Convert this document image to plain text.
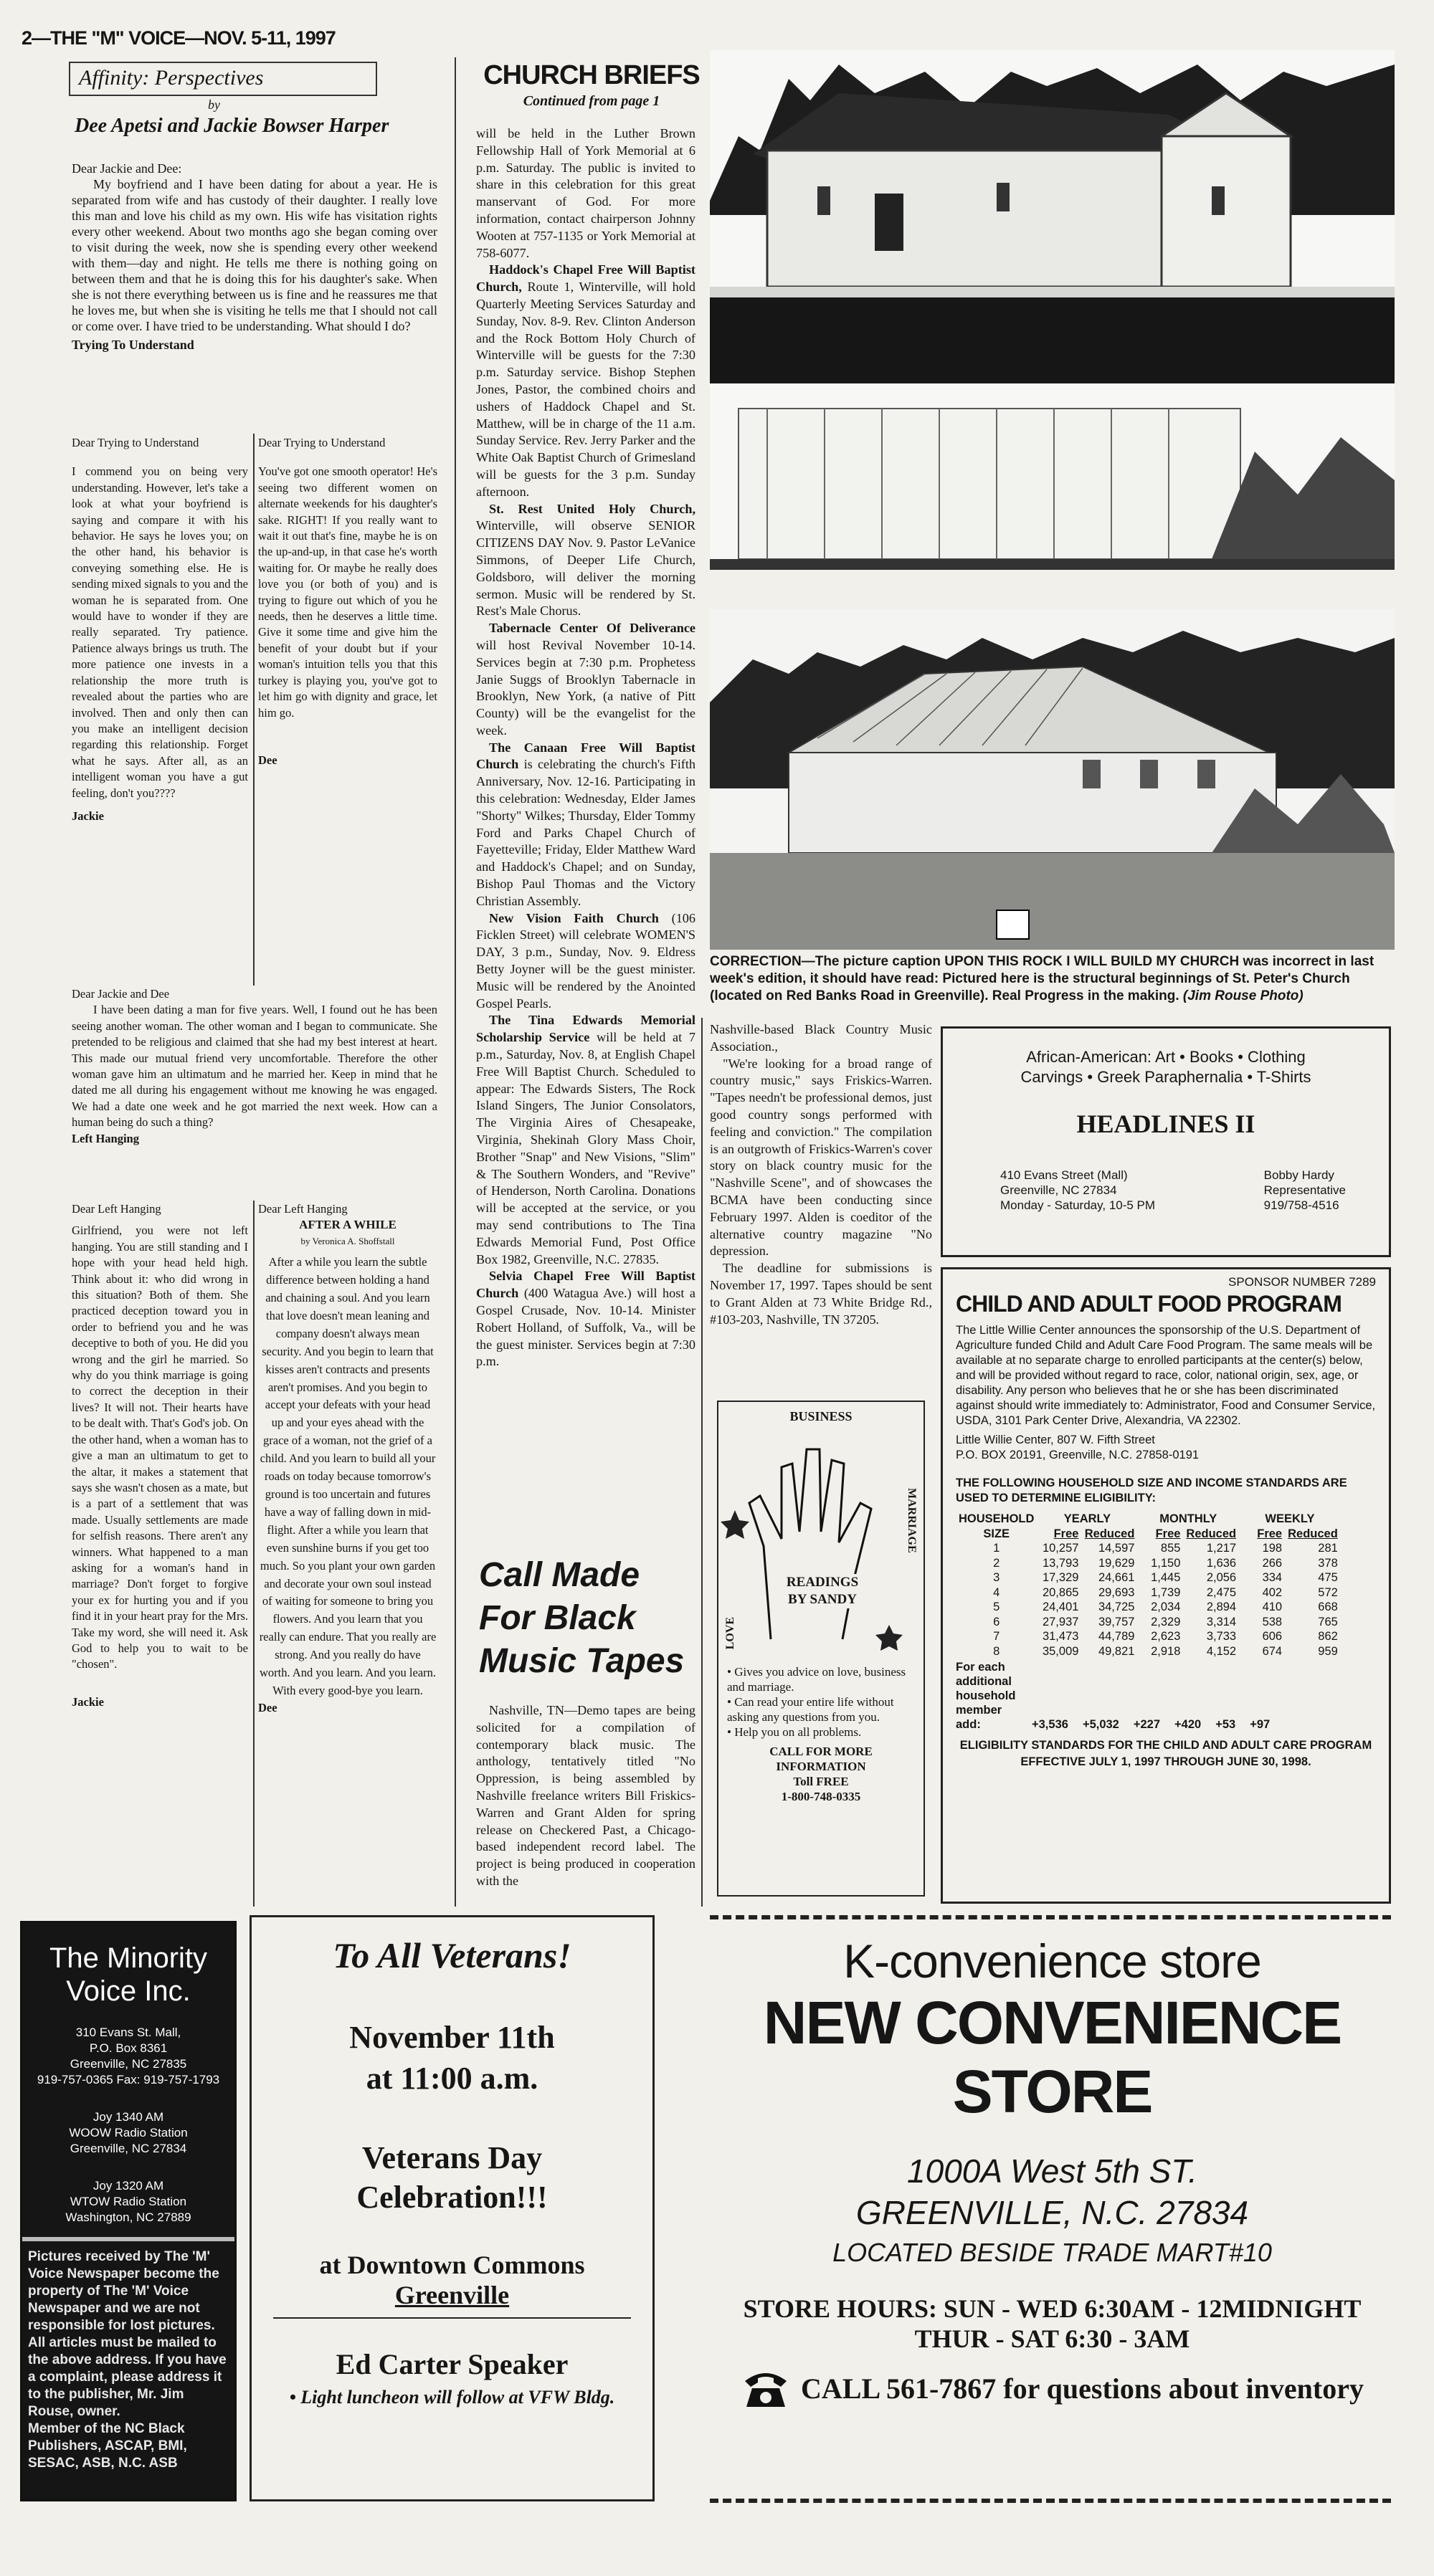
2—THE "M" VOICE—NOV. 5-11, 1997
Affinity: Perspectives
by
Dee Apetsi and Jackie Bowser Harper

Dear Jackie and Dee:

My boyfriend and I have been dating for about a year. He is separated from wife and has custody of their daughter. I really love this man and love his child as my own. His wife has visitation rights every other weekend. About two months ago she began coming over to visit during the week, now she is spending every other weekend with them—day and night. He tells me there is nothing going on between them and that he is doing this for his daughter's sake. When she is not there everything between us is fine and he reassures me that he loves me, but when she is visiting he tells me that I should not call or come over. I have tried to be understanding. What should I do?

Trying To Understand

Dear Trying to Understand

I commend you on being very understanding. However, let's take a look at what your boyfriend is saying and compare it with his behavior. He says he loves you; on the other hand, his behavior is conveying something else. He is sending mixed signals to you and the woman he is separated from. One would have to wonder if they are really separated. Try patience. Patience always brings us truth. The more patience one invests in a relationship the more truth is revealed about the parties who are involved. Then and only then can you make an intelligent decision regarding this relationship. Forget what he says. After all, as an intelligent woman you have a gut feeling, don't you????

Jackie

Dear Trying to Understand

You've got one smooth operator! He's seeing two different women on alternate weekends for his daughter's sake. RIGHT! If you really want to wait it out that's fine, maybe he is on the up-and-up, in that case he's worth waiting for. Or maybe he really does love you (or both of you) and is trying to figure out which of you he needs, then he deserves a little time. Give it some time and give him the benefit of your doubt but if your woman's intuition tells you that this turkey is playing you, you've got to let him go with dignity and grace, let him go.

Dee

Dear Jackie and Dee

I have been dating a man for five years. Well, I found out he has been seeing another woman. The other woman and I began to communicate. She pretended to be religious and claimed that she had my best interest at heart. This made our mutual friend very uncomfortable. Therefore the other woman gave him an ultimatum and he married her. Keep in mind that he dated me all during his engagement without me knowing he was engaged. We had a date one week and he got married the next week. How can a human being do such a thing?

Left Hanging

Dear Left Hanging

Girlfriend, you were not left hanging. You are still standing and I hope with your head held high. Think about it: who did wrong in this situation? Both of them. She practiced deception toward you in order to befriend you and he was deceptive to both of you. He did you wrong and the girl he married. So why do you think marriage is going to correct the deception in their lives? It will not. Their hearts have to be dealt with. That's God's job. On the other hand, when a woman has to give a man an ultimatum to get to the altar, it makes a statement that says she wasn't chosen as a mate, but is a part of a settlement that was made. Usually settlements are made for selfish reasons. There aren't any winners. What happened to a man asking for a woman's hand in marriage? Don't forget to forgive your ex for hurting you and if you find it in your heart pray for the Mrs. Take my word, she will need it. Ask God to help you to wait to be "chosen".

Jackie

Dear Left Hanging

AFTER A WHILE

by Veronica A. Shoffstall

After a while you learn the subtle difference between holding a hand and chaining a soul. And you learn that love doesn't mean leaning and company doesn't always mean security. And you begin to learn that kisses aren't contracts and presents aren't promises. And you begin to accept your defeats with your head up and your eyes ahead with the grace of a woman, not the grief of a child. And you learn to build all your roads on today because tomorrow's ground is too uncertain and futures have a way of falling down in mid-flight. After a while you learn that even sunshine burns if you get too much. So you plant your own garden and decorate your own soul instead of waiting for someone to bring you flowers. And you learn that you really can endure. That you really are strong. And you really do have worth. And you learn. And you learn. With every good-bye you learn.

Dee

CHURCH BRIEFS
Continued from page 1

will be held in the Luther Brown Fellowship Hall of York Memorial at 6 p.m. Saturday. The public is invited to share in this celebration for this great manservant of God. For more information, contact chairperson Johnny Wooten at 757-1135 or York Memorial at 758-6077.

Haddock's Chapel Free Will Baptist Church, Route 1, Winterville, will hold Quarterly Meeting Services Saturday and Sunday, Nov. 8-9. Rev. Clinton Anderson and the Rock Bottom Holy Church of Winterville will be guests for the 7:30 p.m. Saturday service. Bishop Stephen Jones, Pastor, the combined choirs and ushers of Haddock Chapel and St. Matthew, will be in charge of the 11 a.m. Sunday Service. Rev. Jerry Parker and the White Oak Baptist Church of Grimesland will be guests for the 3 p.m. Sunday afternoon.

St. Rest United Holy Church, Winterville, will observe SENIOR CITIZENS DAY Nov. 9. Pastor LeVanice Simmons, of Deeper Life Church, Goldsboro, will deliver the morning sermon. Music will be rendered by St. Rest's Male Chorus.

Tabernacle Center Of Deliverance will host Revival November 10-14. Services begin at 7:30 p.m. Prophetess Janie Suggs of Brooklyn Tabernacle in Brooklyn, New York, (a native of Pitt County) will be the evangelist for the week.

The Canaan Free Will Baptist Church is celebrating the church's Fifth Anniversary, Nov. 12-16. Participating in this celebration: Wednesday, Elder James "Shorty" Wilkes; Thursday, Elder Tommy Ford and Parks Chapel Church of Fayetteville; Friday, Elder Matthew Ward and Haddock's Chapel; and on Sunday, Bishop Paul Thomas and the Victory Christian Assembly.

New Vision Faith Church (106 Ficklen Street) will celebrate WOMEN'S DAY, 3 p.m., Sunday, Nov. 9. Eldress Betty Joyner will be the guest minister. Music will be rendered by the Anointed Gospel Pearls.

The Tina Edwards Memorial Scholarship Service will be held at 7 p.m., Saturday, Nov. 8, at English Chapel Free Will Baptist Church. Scheduled to appear: The Edwards Sisters, The Rock Island Singers, The Junior Consolators, The Virginia Aires of Chesapeake, Virginia, Shekinah Glory Mass Choir, Brother "Snap" and New Visions, "Slim" & The Southern Wonders, and "Revive" of Henderson, North Carolina. Donations will be accepted at the service, or you may send contributions to The Tina Edwards Memorial Fund, Post Office Box 1982, Greenville, N.C. 27835.

Selvia Chapel Free Will Baptist Church (400 Watagua Ave.) will host a Gospel Crusade, Nov. 10-14. Minister Robert Holland, of Suffolk, Va., will be the guest minister. Services begin at 7:30 p.m.

Call Made For Black Music Tapes

Nashville, TN—Demo tapes are being solicited for a compilation of contemporary black music. The anthology, tentatively titled "No Oppression, is being assembled by Nashville freelance writers Bill Friskics-Warren and Grant Alden for spring release on Checkered Past, a Chicago-based independent record label. The project is being produced in cooperation with the

Nashville-based Black Country Music Association.,

"We're looking for a broad range of country music," says Friskics-Warren. "Tapes needn't be professional demos, just good country songs performed with feeling and conviction." The compilation is an outgrowth of Friskics-Warren's cover story on black country music for the "Nashville Scene", and of showcases the BCMA have been conducting since February 1997. Alden is coeditor of the alternative country magazine "No depression.

The deadline for submissions is November 17, 1997. Tapes should be sent to Grant Alden at 73 White Bridge Rd., #103-203, Nashville, TN 37205.

CORRECTION—The picture caption UPON THIS ROCK I WILL BUILD MY CHURCH was incorrect in last week's edition, it should have read: Pictured here is the structural beginnings of St. Peter's Church (located on Red Banks Road in Greenville). Real Progress in the making. (Jim Rouse Photo)
African-American: Art • Books • Clothing
Carvings • Greek Paraphernalia • T-Shirts
HEADLINES II
410 Evans Street (Mall)
Greenville, NC 27834
Monday - Saturday, 10-5 PM
Bobby Hardy
Representative
919/758-4516
SPONSOR NUMBER 7289
CHILD AND ADULT FOOD PROGRAM

The Little Willie Center announces the sponsorship of the U.S. Department of Agriculture funded Child and Adult Care Food Program. The same meals will be available at no separate charge to enrolled participants at the center(s) below, and will be provided without regard to race, color, national origin, sex, age, or disability. Any person who believes that he or she has been discriminated against should write immediately to: Administrator, Food and Consumer Service, USDA, 3101 Park Center Drive, Alexandria, VA 22302.

Little Willie Center, 807 W. Fifth Street

P.O. BOX 20191, Greenville, N.C. 27858-0191

THE FOLLOWING HOUSEHOLD SIZE AND INCOME STANDARDS ARE USED TO DETERMINE ELIGIBILITY:

HOUSEHOLD	YEARLY		MONTHLY		WEEKLY	
SIZE	Free	Reduced	Free	Reduced	Free	Reduced
1	10,257	14,597	855	1,217	198	281
2	13,793	19,629	1,150	1,636	266	378
3	17,329	24,661	1,445	2,056	334	475
4	20,865	29,693	1,739	2,475	402	572
5	24,401	34,725	2,034	2,894	410	668
6	27,937	39,757	2,329	3,314	538	765
7	31,473	44,789	2,623	3,733	606	862
8	35,009	49,821	2,918	4,152	674	959
For each additional household member add:	+3,536 +5,032 +227 +420 +53 +97
ELIGIBILITY STANDARDS FOR THE CHILD AND ADULT CARE PROGRAM
EFFECTIVE JULY 1, 1997 THROUGH JUNE 30, 1998.
BUSINESS
LOVE
MARRIAGE
READINGS
BY SANDY
• Gives you advice on love, business and marriage.
• Can read your entire life without asking any questions from you.
• Help you on all problems.
CALL FOR MORE
INFORMATION
Toll FREE
1-800-748-0335
The Minority
Voice Inc.
310 Evans St. Mall,
P.O. Box 8361
Greenville, NC 27835
919-757-0365 Fax: 919-757-1793
Joy 1340 AM
WOOW Radio Station
Greenville, NC 27834
Joy 1320 AM
WTOW Radio Station
Washington, NC 27889
Pictures received by The 'M' Voice Newspaper become the property of The 'M' Voice Newspaper and we are not responsible for lost pictures. All articles must be mailed to the above address. If you have a complaint, please address it to the publisher, Mr. Jim Rouse, owner.
Member of the NC Black Publishers, ASCAP, BMI, SESAC, ASB, N.C. ASB
To All Veterans!
November 11th
at 11:00 a.m.
Veterans Day
Celebration!!!
at Downtown Commons
Greenville
Ed Carter Speaker
• Light luncheon will follow at VFW Bldg.
K-convenience store
NEW CONVENIENCE
STORE
1000A West 5th ST.
GREENVILLE, N.C. 27834
LOCATED BESIDE TRADE MART#10
STORE HOURS: SUN - WED 6:30AM - 12MIDNIGHT
THUR - SAT 6:30 - 3AM
CALL 561-7867 for questions about inventory
